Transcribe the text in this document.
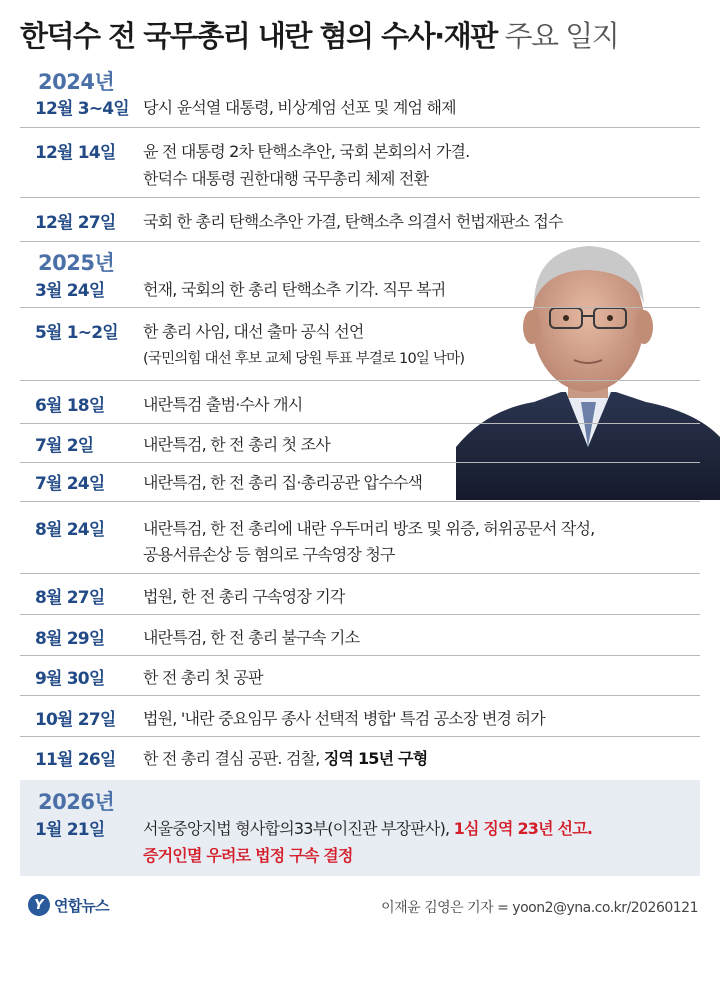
한덕수 전 국무총리 내란 혐의 수사·재판 주요 일지
2024년
12월 3~4일 당시 윤석열 대통령, 비상계엄 선포 및 계엄 해제
12월 14일 윤 전 대통령 2차 탄핵소추안, 국회 본회의서 가결.
한덕수 대통령 권한대행 국무총리 체제 전환
12월 27일 국회 한 총리 탄핵소추안 가결, 탄핵소추 의결서 헌법재판소 접수
2025년
3월 24일 헌재, 국회의 한 총리 탄핵소추 기각. 직무 복귀
5월 1~2일 한 총리 사임, 대선 출마 공식 선언
(국민의힘 대선 후보 교체 당원 투표 부결로 10일 낙마)
6월 18일 내란특검 출범·수사 개시
7월 2일	내란특검, 한 전 총리 첫 조사
7월 24일 내란특검, 한 전 총리 집·총리공관 압수수색
8월 24일 내란특검, 한 전 총리에 내란 우두머리 방조 및 위증, 허위공문서 작성,
공용서류손상 등 혐의로 구속영장 청구
8월 27일 법원, 한 전 총리 구속영장 기각
8월 29일 내란특검, 한 전 총리 불구속 기소
9월 30일 한 전 총리 첫 공판
10월 27일 법원, '내란 중요임무 종사 선택적 병합' 특검 공소장 변경 허가
11월 26일 한 전 총리 결심 공판. 검찰, 징역 15년 구형
2026년
1월 21일 서울중앙지법 형사합의33부(이진관 부장판사), 1심 징역 23년 선고.
증거인멸 우려로 법정 구속 결정
Y 연합뉴스	이재윤 김영은 기자 = yoon2@yna.co.kr/20260121
